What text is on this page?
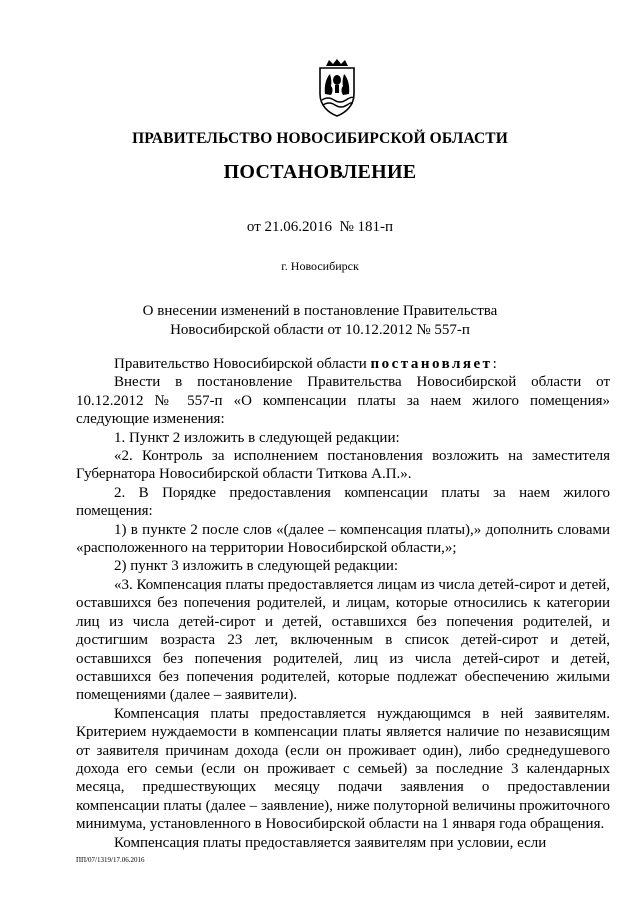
ПРАВИТЕЛЬСТВО НОВОСИБИРСКОЙ ОБЛАСТИ
ПОСТАНОВЛЕНИЕ
от 21.06.2016  № 181-п
г. Новосибирск
О внесении изменений в постановление Правительства
Новосибирской области от 10.12.2012 № 557-п

Правительство Новосибирской области постановляет:

Внести в постановление Правительства Новосибирской области от 10.12.2012 № 557-п «О компенсации платы за наем жилого помещения» следующие изменения:

1. Пункт 2 изложить в следующей редакции:

«2. Контроль за исполнением постановления возложить на заместителя Губернатора Новосибирской области Титкова А.П.».

2. В Порядке предоставления компенсации платы за наем жилого помещения:

1) в пункте 2 после слов «(далее – компенсация платы),» дополнить словами «расположенного на территории Новосибирской области,»;

2) пункт 3 изложить в следующей редакции:

«3. Компенсация платы предоставляется лицам из числа детей-сирот и детей, оставшихся без попечения родителей, и лицам, которые относились к категории лиц из числа детей-сирот и детей, оставшихся без попечения родителей, и достигшим возраста 23 лет, включенным в список детей-сирот и детей, оставшихся без попечения родителей, лиц из числа детей-сирот и детей, оставшихся без попечения родителей, которые подлежат обеспечению жилыми помещениями (далее – заявители).

Компенсация платы предоставляется нуждающимся в ней заявителям. Критерием нуждаемости в компенсации платы является наличие по независящим от заявителя причинам дохода (если он проживает один), либо среднедушевого дохода его семьи (если он проживает с семьей) за последние 3 календарных месяца, предшествующих месяцу подачи заявления о предоставлении компенсации платы (далее – заявление), ниже полуторной величины прожиточного минимума, установленного в Новосибирской области на 1 января года обращения.

Компенсация платы предоставляется заявителям при условии, если

ПП/07/1319/17.06.2016
